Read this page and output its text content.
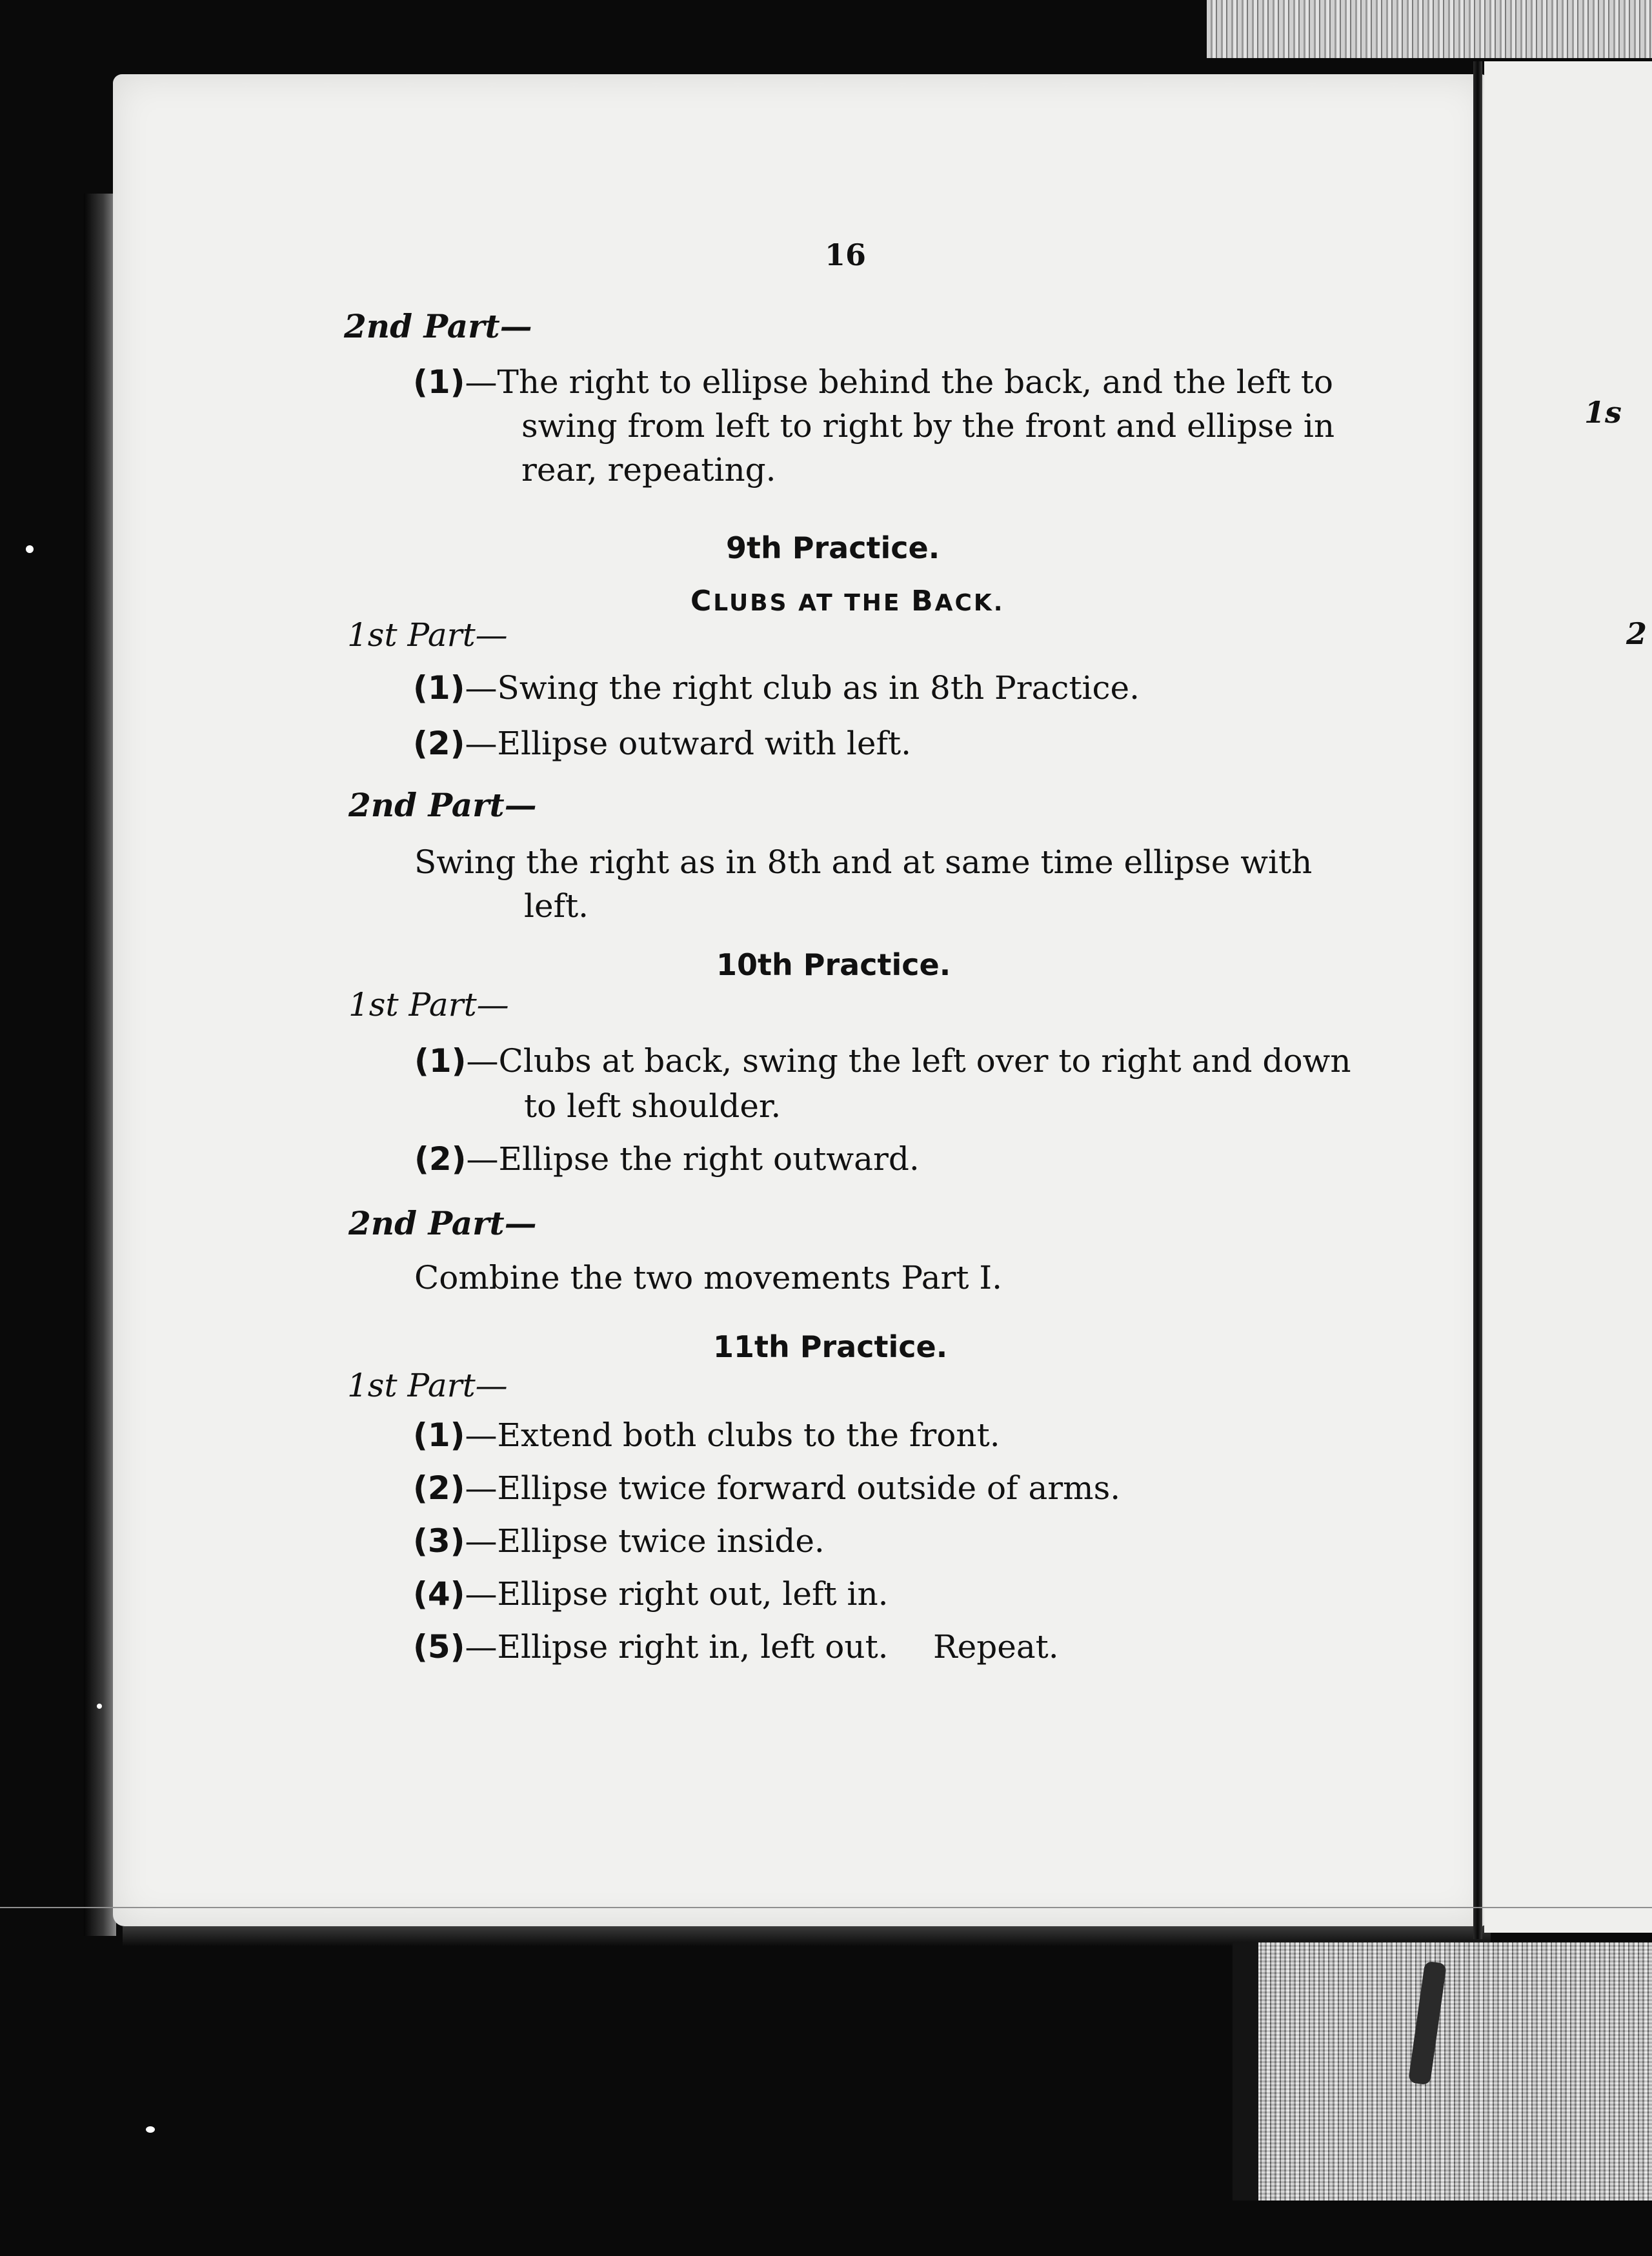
1s
2
16
2nd Part—
(1)—The right to ellipse behind the back, and the left to
swing from left to right by the front and ellipse in
rear, repeating.
9th Practice.
CLUBS AT THE BACK.
1st Part—
(1)—Swing the right club as in 8th Practice.
(2)—Ellipse outward with left.
2nd Part—
Swing the right as in 8th and at same time ellipse with
left.
10th Practice.
1st Part—
(1)—Clubs at back, swing the left over to right and down
to left shoulder.
(2)—Ellipse the right outward.
2nd Part—
Combine the two movements Part I.
11th Practice.
1st Part—
(1)—Extend both clubs to the front.
(2)—Ellipse twice forward outside of arms.
(3)—Ellipse twice inside.
(4)—Ellipse right out, left in.
(5)—Ellipse right in, left out. Repeat.
